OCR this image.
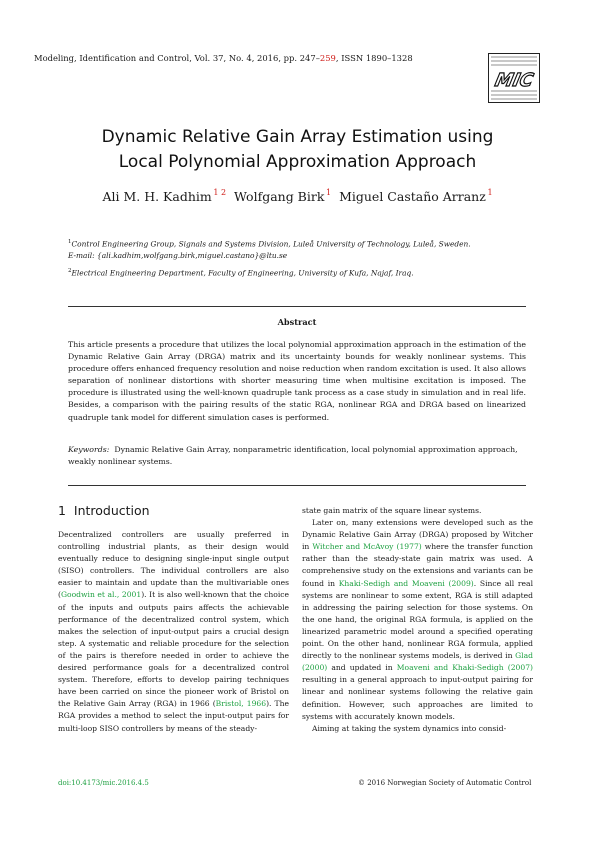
Modeling, Identification and Control, Vol. 37, No. 4, 2016, pp. 247–259, ISSN 1890–1328
MIC
Dynamic Relative Gain Array Estimation using
Local Polynomial Approximation Approach
Ali M. H. Kadhim  $^{1 2}$ Wolfgang Birk  $^1$ Miguel Castaño Arranz  $^1$
$^1$Control Engineering Group, Signals and Systems Division, Luleå University of Technology, Luleå, Sweden.
E-mail: {ali.kadhim,wolfgang.birk,miguel.castano}@ltu.se
$^2$Electrical Engineering Department, Faculty of Engineering, University of Kufa, Najaf, Iraq.
Abstract
This article presents a procedure that utilizes the local polynomial approximation approach in the estimation of the Dynamic Relative Gain Array (DRGA) matrix and its uncertainty bounds for weakly nonlinear systems. This procedure offers enhanced frequency resolution and noise reduction when random excitation is used. It also allows separation of nonlinear distortions with shorter measuring time when multisine excitation is imposed. The procedure is illustrated using the well-known quadruple tank process as a case study in simulation and in real life. Besides, a comparison with the pairing results of the static RGA, nonlinear RGA and DRGA based on linearized quadruple tank model for different simulation cases is performed.
Keywords: Dynamic Relative Gain Array, nonparametric identification, local polynomial approximation approach, weakly nonlinear systems.
1 Introduction

Decentralized controllers are usually preferred in controlling industrial plants, as their design would eventually reduce to designing single-input single output (SISO) controllers. The individual controllers are also easier to maintain and update than the multivariable ones (Goodwin et al., 2001). It is also well-known that the choice of the inputs and outputs pairs affects the achievable performance of the decentralized control system, which makes the selection of input-output pairs a crucial design step. A systematic and reliable procedure for the selection of the pairs is therefore needed in order to achieve the desired performance goals for a decentralized control system. Therefore, efforts to develop pairing techniques have been carried on since the pioneer work of Bristol on the Relative Gain Array (RGA) in 1966 (Bristol, 1966). The RGA provides a method to select the input-output pairs for multi-loop SISO controllers by means of the steady-

state gain matrix of the square linear systems.

Later on, many extensions were developed such as the Dynamic Relative Gain Array (DRGA) proposed by Witcher in Witcher and McAvoy (1977) where the transfer function rather than the steady-state gain matrix was used. A comprehensive study on the extensions and variants can be found in Khaki-Sedigh and Moaveni (2009). Since all real systems are nonlinear to some extent, RGA is still adapted in addressing the pairing selection for those systems. On the one hand, the original RGA formula, is applied on the linearized parametric model around a specified operating point. On the other hand, nonlinear RGA formula, applied directly to the nonlinear systems models, is derived in Glad (2000) and updated in Moaveni and Khaki-Sedigh (2007) resulting in a general approach to input-output pairing for linear and nonlinear systems following the relative gain definition. However, such approaches are limited to systems with accurately known models.

Aiming at taking the system dynamics into consid-

doi:10.4173/mic.2016.4.5	© 2016 Norwegian Society of Automatic Control
